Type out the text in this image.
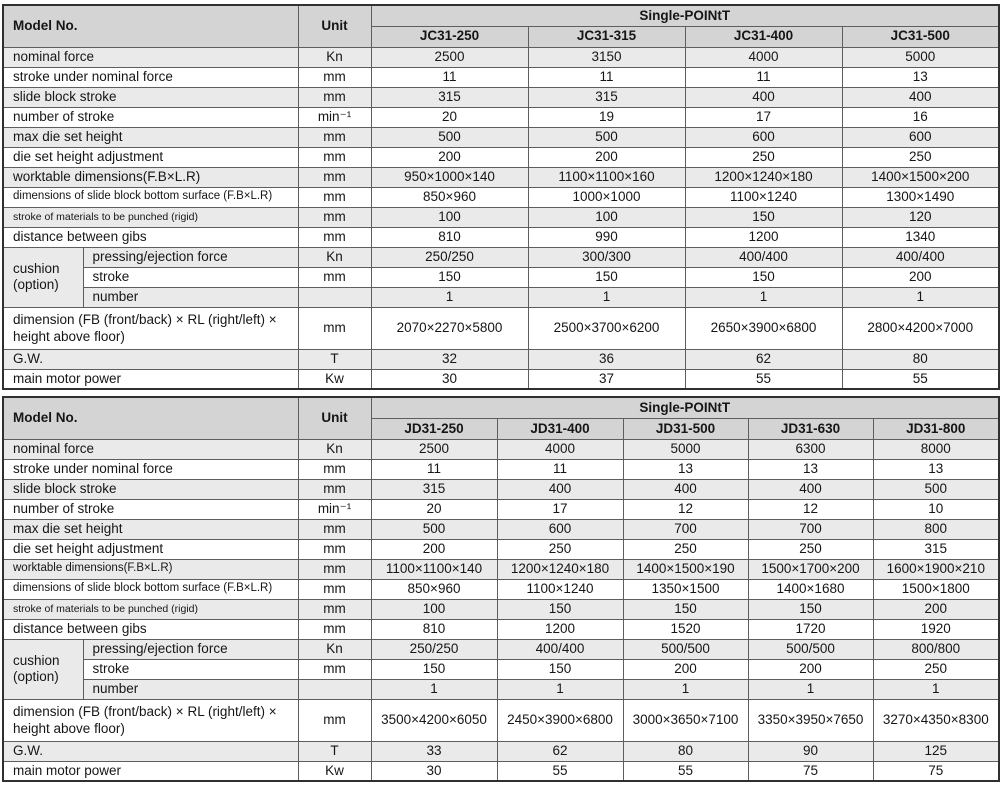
Model No.		Unit	Single-POINtT			
			JC31-250	JC31-315	JC31-400	JC31-500
nominal force		Kn	2500	3150	4000	5000
stroke under nominal force		mm	11	11	11	13
slide block stroke		mm	315	315	400	400
number of stroke		min⁻¹	20	19	17	16
max die set height		mm	500	500	600	600
die set height adjustment		mm	200	200	250	250
worktable dimensions(F.B×L.R)		mm	950×1000×140	1100×1100×160	1200×1240×180	1400×1500×200
dimensions of slide block bottom surface (F.B×L.R)		mm	850×960	1000×1000	1100×1240	1300×1490
stroke of materials to be punched (rigid)		mm	100	100	150	120
distance between gibs		mm	810	990	1200	1340
cushion (option)	pressing/ejection force	Kn	250/250	300/300	400/400	400/400
	stroke	mm	150	150	150	200
	number		1	1	1	1
dimension (FB (front/back) × RL (right/left) × height above floor)		mm	2070×2270×5800	2500×3700×6200	2650×3900×6800	2800×4200×7000
G.W.		T	32	36	62	80
main motor power		Kw	30	37	55	55
Model No.		Unit	Single-POINtT				
			JD31-250	JD31-400	JD31-500	JD31-630	JD31-800
nominal force		Kn	2500	4000	5000	6300	8000
stroke under nominal force		mm	11	11	13	13	13
slide block stroke		mm	315	400	400	400	500
number of stroke		min⁻¹	20	17	12	12	10
max die set height		mm	500	600	700	700	800
die set height adjustment		mm	200	250	250	250	315
worktable dimensions(F.B×L.R)		mm	1100×1100×140	1200×1240×180	1400×1500×190	1500×1700×200	1600×1900×210
dimensions of slide block bottom surface (F.B×L.R)		mm	850×960	1100×1240	1350×1500	1400×1680	1500×1800
stroke of materials to be punched (rigid)		mm	100	150	150	150	200
distance between gibs		mm	810	1200	1520	1720	1920
cushion (option)	pressing/ejection force	Kn	250/250	400/400	500/500	500/500	800/800
	stroke	mm	150	150	200	200	250
	number		1	1	1	1	1
dimension (FB (front/back) × RL (right/left) × height above floor)		mm	3500×4200×6050	2450×3900×6800	3000×3650×7100	3350×3950×7650	3270×4350×8300
G.W.		T	33	62	80	90	125
main motor power		Kw	30	55	55	75	75
